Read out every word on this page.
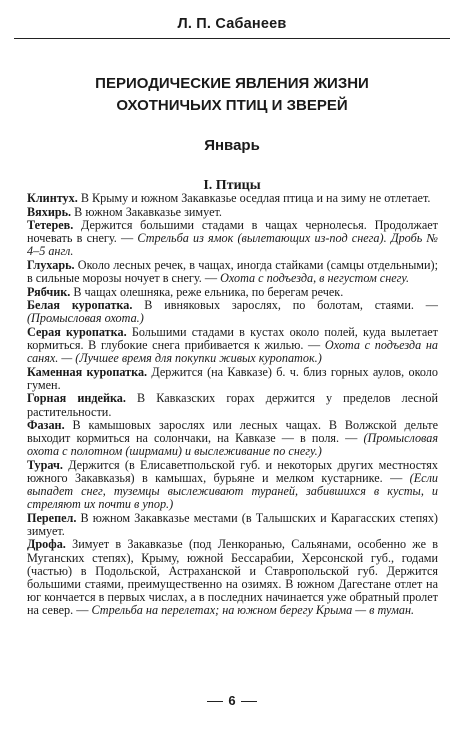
Л. П. Сабанеев
ПЕРИОДИЧЕСКИЕ ЯВЛЕНИЯ ЖИЗНИ
ОХОТНИЧЬИХ ПТИЦ И ЗВЕРЕЙ
Январь
I. Птицы

Клинтух. В Крыму и южном Закавказье оседлая птица и на зиму не отлетает.

Вяхирь. В южном Закавказье зимует.

Тетерев. Держится большими стадами в чащах чернолесья. Продолжает ночевать в снегу. — Стрельба из ямок (вылетающих из-под снега). Дробь № 4–5 англ.

Глухарь. Около лесных речек, в чащах, иногда стайками (самцы отдельными); в сильные морозы ночует в снегу. — Охота с подъезда, в негустом снегу.

Рябчик. В чащах олешняка, реже ельника, по берегам речек.

Белая куропатка. В ивняковых зарослях, по болотам, стаями. — (Промысловая охота.)

Серая куропатка. Большими стадами в кустах около полей, куда вылетает кормиться. В глубокие снега прибивается к жилью. — Охота с подъезда на санях. — (Лучшее время для покупки живых куропаток.)

Каменная куропатка. Держится (на Кавказе) б. ч. близ горных аулов, около гумен.

Горная индейка. В Кавказских горах держится у пределов лесной растительности.

Фазан. В камышовых зарослях или лесных чащах. В Волжской дельте выходит кормиться на солончаки, на Кавказе — в поля. — (Промысловая охота с полотном (ширмами) и выслеживание по снегу.)

Турач. Держится (в Елисаветпольской губ. и некоторых других местностях южного Закавказья) в камышах, бурьяне и мелком кустарнике. — (Если выпадет снег, туземцы выслеживают туранeй, забившихся в кусты, и стреляют их почти в упор.)

Перепел. В южном Закавказье местами (в Талышских и Карагасских степях) зимует.

Дрофа. Зимует в Закавказье (под Ленкоранью, Сальянами, особенно же в Муганских степях), Крыму, южной Бессарабии, Херсонской губ., годами (частью) в Подольской, Астраханской и Ставропольской губ. Держится большими стаями, преимущественно на озимях. В южном Дагестане отлет на юг кончается в первых числах, а в последних начинается уже обратный пролет на север. — Стрельба на перелетах; на южном берегу Крыма — в туман.

6
